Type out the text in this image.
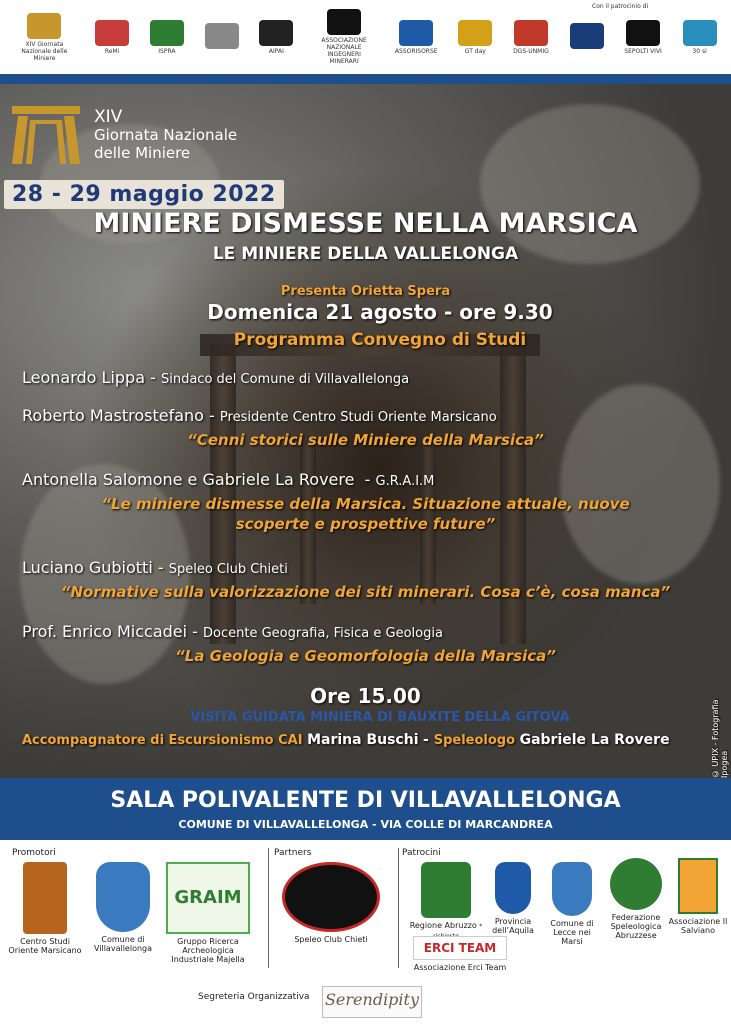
Con il patrocinio di
XIV Giornata Nazionale delle Miniere
ReMi	ISPRA	AIPAI
ASSOCIAZIONE NAZIONALE INGEGNERI MINERARI
ASSORISORSE	GT day	DGS-UNMIG	SEPOLTI VIVI	30 si
XIV
Giornata Nazionale
delle Miniere
28 - 29 maggio 2022
MINIERE DISMESSE NELLA MARSICA
LE MINIERE DELLA VALLELONGA
Presenta Orietta Spera
Domenica 21 agosto - ore 9.30
Programma Convegno di Studi
Leonardo Lippa - Sindaco del Comune di Villavallelonga
Roberto Mastrostefano - Presidente Centro Studi Oriente Marsicano
“Cenni storici sulle Miniere della Marsica”
Antonella Salomone e Gabriele La Rovere  - G.R.A.I.M
“Le miniere dismesse della Marsica. Situazione attuale, nuove
scoperte e prospettive future”
Luciano Gubiotti - Speleo Club Chieti
“Normative sulla valorizzazione dei siti minerari. Cosa c’è, cosa manca”
Prof. Enrico Miccadei - Docente Geografia, Fisica e Geologia
“La Geologia e Geomorfologia della Marsica”
Ore 15.00
VISITA GUIDATA MINIERA DI BAUXITE DELLA GITOVA
Accompagnatore di Escursionismo CAI Marina Buschi - Speleologo Gabriele La Rovere	© UPIX - Fotografia Ipogea
SALA POLIVALENTE DI VILLAVALLELONGA
COMUNE DI VILLAVALLELONGA - VIA COLLE DI MARCANDREA
Promotori	Partners	Patrocini
Centro Studi Oriente Marsicano
Comune di Villavallelonga
GRAIM
Gruppo Ricerca Archeologica Industriale Majella
Speleo Club Chieti
Regione Abruzzo *
Provincia dell’Aquila
Comune di Lecce nei Marsi
Federazione Speleologica Abruzzese
Associazione Il Salviano
ERCI TEAM
Associazione Erci Team
Segreteria Organizzativa Serendipity
